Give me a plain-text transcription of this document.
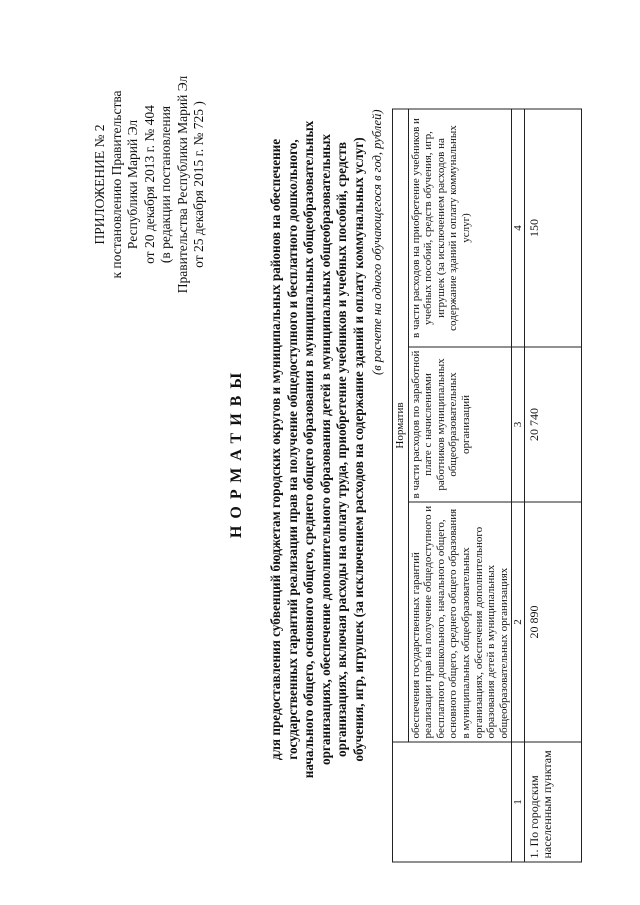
ПРИЛОЖЕНИЕ № 2 к постановлению Правительства Республики Марий Эл от 20 декабря 2013 г. № 404 (в редакции постановления Правительства Республики Марий Эл от 25 декабря 2015 г. № 725 )
НОРМАТИВЫ для предоставления субвенций бюджетам городских округов и муниципальных районов на обеспечение государственных гарантий реализации прав на получение общедоступного и бесплатного дошкольного, начального общего, основного общего, среднего общего образования в муниципальных общеобразовательных организациях, обеспечение дополнительного образования детей в муниципальных общеобразовательных организациях, включая расходы на оплату труда, приобретение учебников и учебных пособий, средств обучения, игр, игрушек (за исключением расходов на содержание зданий и оплату коммунальных услуг) (в расчете на одного обучающегося в год, рублей)
	Норматив		
	обеспечения государственных гарантий реализации прав на получение общедоступного и бесплатного дошкольного, начального общего, основного общего, среднего общего образования в муниципальных общеобразовательных организациях, обеспечения дополнительного образования детей в муниципальных общеобразовательных организациях	в части расходов по заработной плате с начислениями работников муниципальных общеобразовательных организаций	в части расходов на приобретение учебников и учебных пособий, средств обучения, игр, игрушек (за исключением расходов на содержание зданий и оплату коммунальных услуг)
1	2	3	4
1. По городским населенным пунктам	20 890	20 740	150
